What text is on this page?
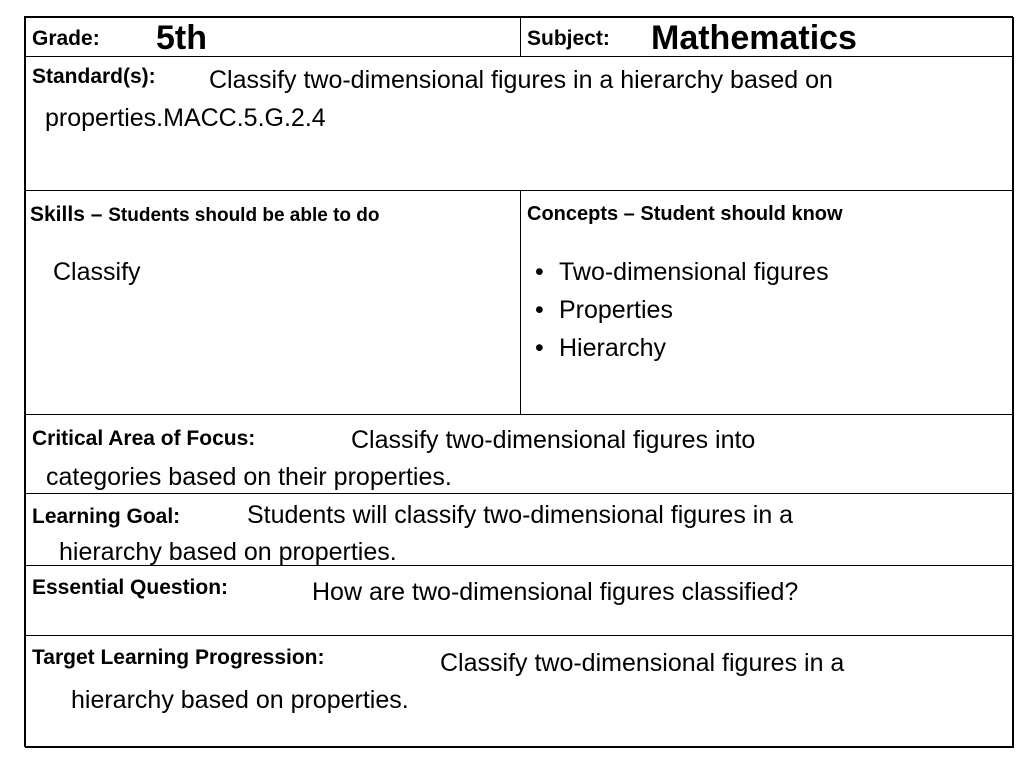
Grade: 5th	Subject: Mathematics
Standard(s): Classify two-dimensional figures in a hierarchy based on
properties.MACC.5.G.2.4
Skills – Students should be able to do
Classify
Concepts – Student should know
• Two-dimensional figures
• Properties
• Hierarchy
Critical Area of Focus:	Classify two-dimensional figures into
categories based on their properties.
Learning Goal:	Students will classify two-dimensional figures in a
hierarchy based on properties.
Essential Question:	How are two-dimensional figures classified?
Target Learning Progression:	Classify two-dimensional figures in a
hierarchy based on properties.
